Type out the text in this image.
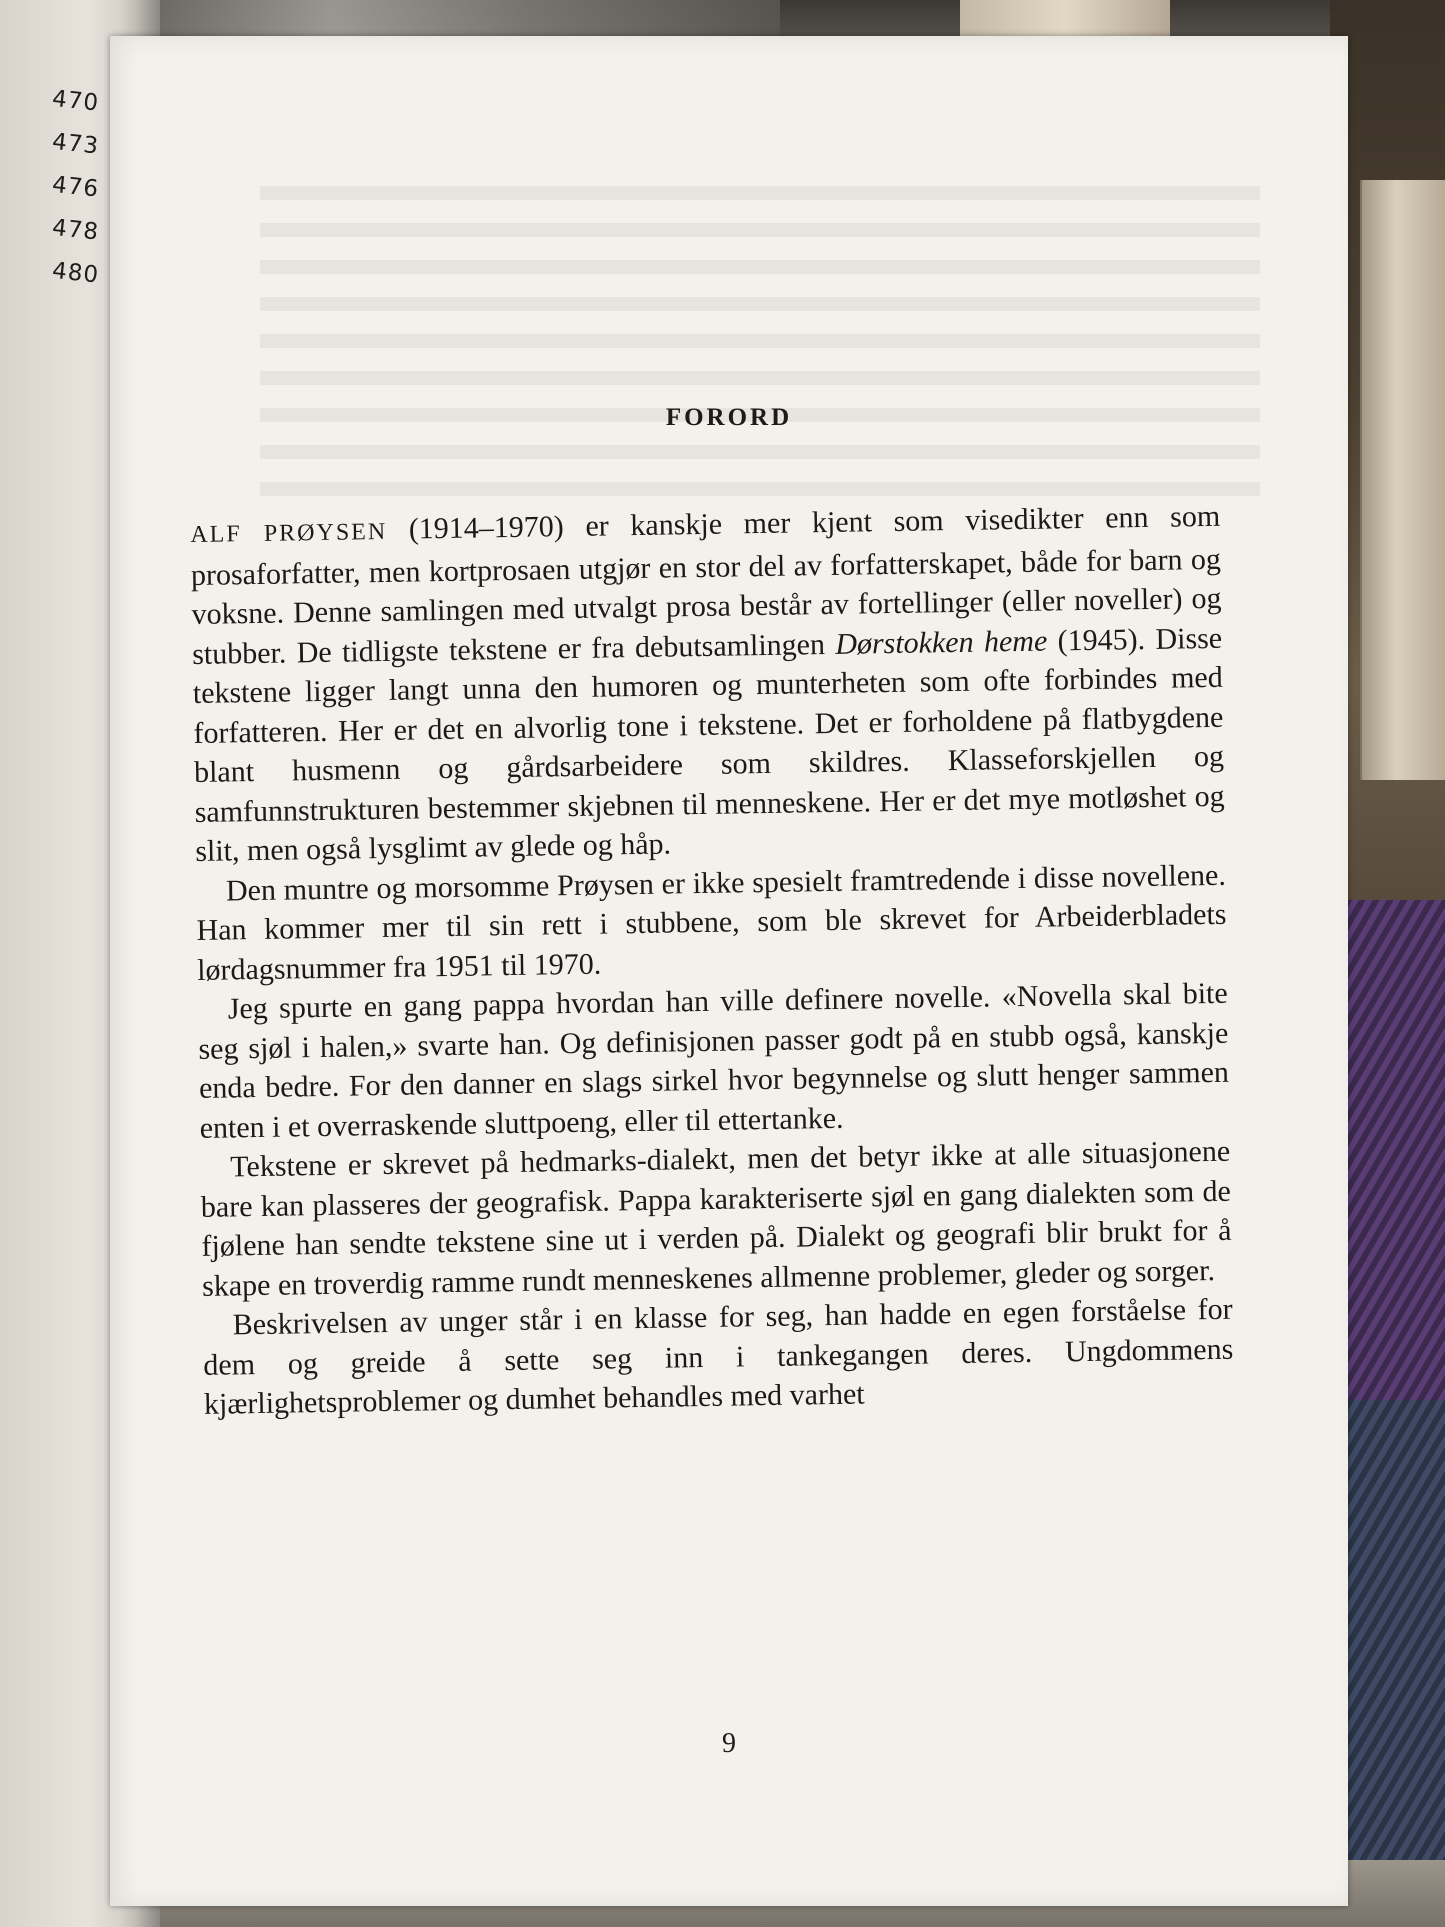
470
473
476
478
480
FORORD

ALF PRØYSEN (1914–1970) er kanskje mer kjent som visedikter enn som prosaforfatter, men kortprosaen utgjør en stor del av forfatterskapet, både for barn og voksne. Denne samlingen med utvalgt prosa består av fortellinger (eller noveller) og stubber. De tidligste tekstene er fra debutsamlingen Dørstokken heme (1945). Disse tekstene ligger langt unna den humoren og munterheten som ofte forbindes med forfatteren. Her er det en alvorlig tone i tekstene. Det er forholdene på flatbygdene blant husmenn og gårdsarbeidere som skildres. Klasseforskjellen og samfunnstrukturen bestemmer skjebnen til menneskene. Her er det mye motløshet og slit, men også lysglimt av glede og håp.

Den muntre og morsomme Prøysen er ikke spesielt framtredende i disse novellene. Han kommer mer til sin rett i stubbene, som ble skrevet for Arbeiderbladets lørdagsnummer fra 1951 til 1970.

Jeg spurte en gang pappa hvordan han ville definere novelle. «Novella skal bite seg sjøl i halen,» svarte han. Og definisjonen passer godt på en stubb også, kanskje enda bedre. For den danner en slags sirkel hvor begynnelse og slutt henger sammen enten i et overraskende sluttpoeng, eller til ettertanke.

Tekstene er skrevet på hedmarks-dialekt, men det betyr ikke at alle situasjonene bare kan plasseres der geografisk. Pappa karakteriserte sjøl en gang dialekten som de fjølene han sendte tekstene sine ut i verden på. Dialekt og geografi blir brukt for å skape en troverdig ramme rundt menneskenes allmenne problemer, gleder og sorger.

Beskrivelsen av unger står i en klasse for seg, han hadde en egen forståelse for dem og greide å sette seg inn i tankegangen deres. Ungdommens kjærlighetsproblemer og dumhet behandles med varhet

9
